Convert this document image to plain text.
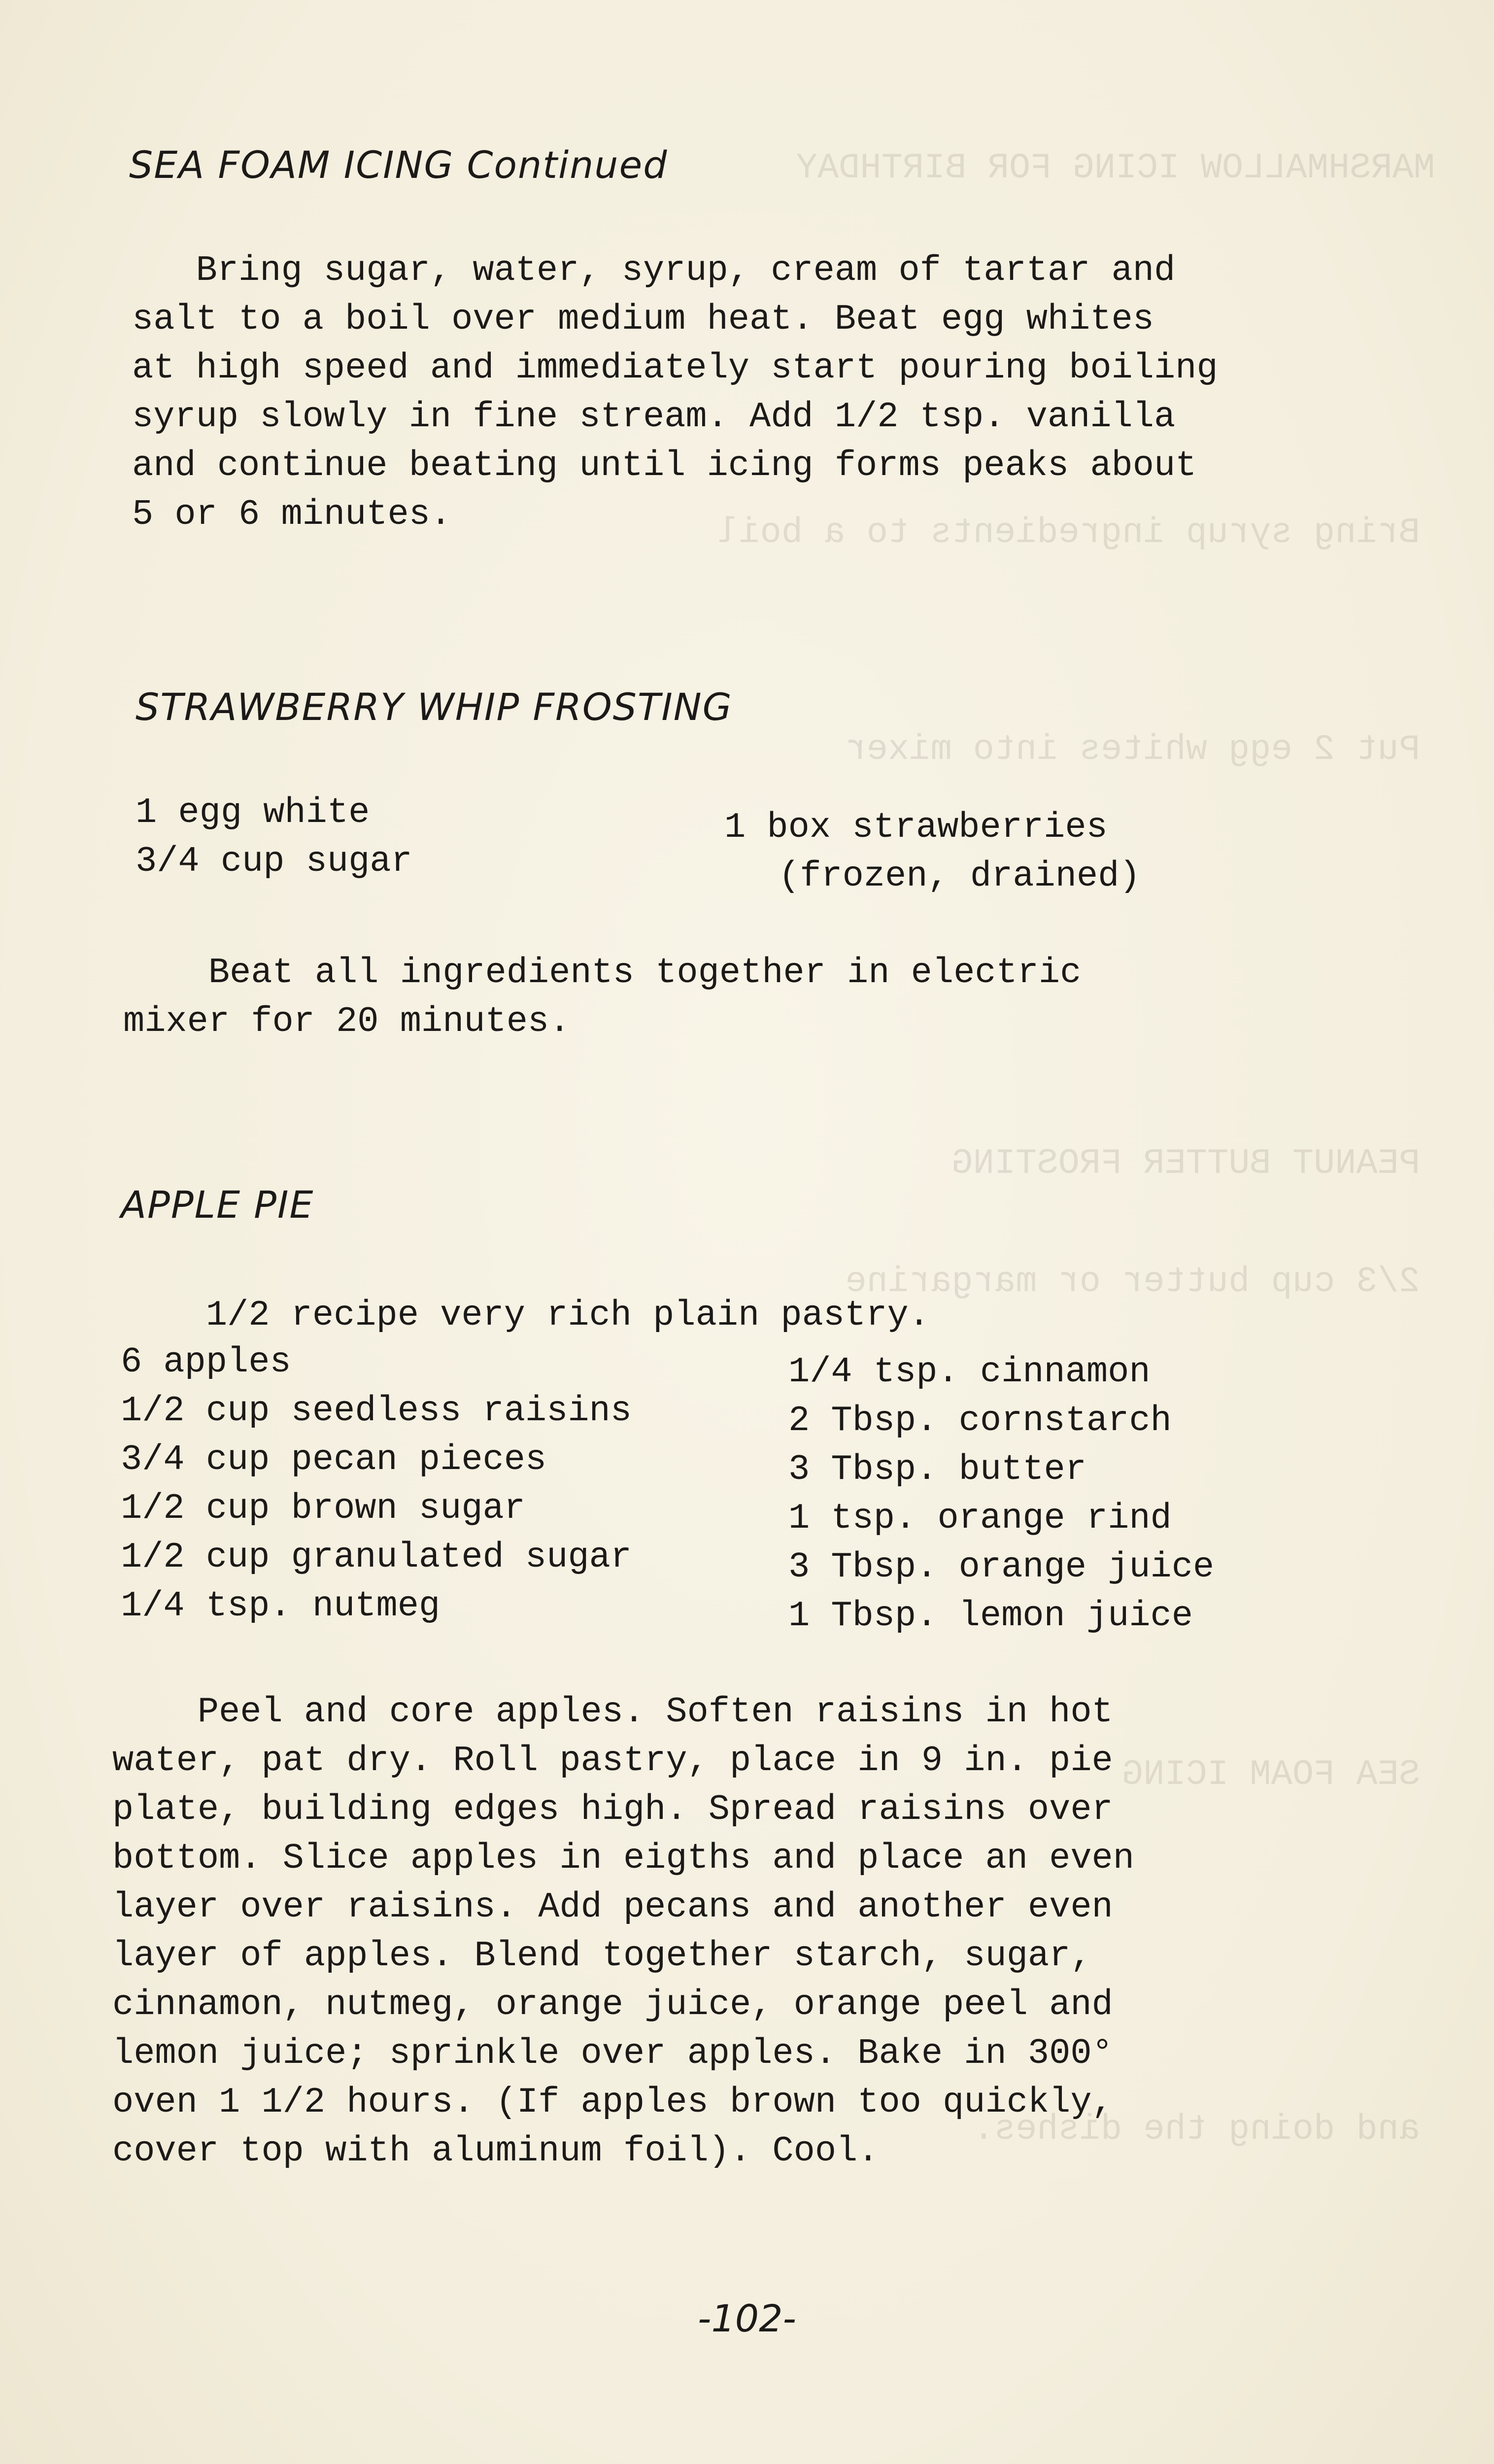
MARSHMALLOW ICING FOR BIRTHDAY
Bring syrup ingredients to a boil
Put 2 egg whites into mixer
PEANUT BUTTER FROSTING
2/3 cup butter or margarine
SEA FOAM ICING
and doing the dishes.
SEA FOAM ICING Continued
Bring sugar, water, syrup, cream of tartar and
salt to a boil over medium heat. Beat egg whites
at high speed and immediately start pouring boiling
syrup slowly in fine stream. Add 1/2 tsp. vanilla
and continue beating until icing forms peaks about
5 or 6 minutes.
STRAWBERRY WHIP FROSTING
1 egg white
3/4 cup sugar
1 box strawberries
(frozen, drained)
Beat all ingredients together in electric
mixer for 20 minutes.
APPLE PIE
1/2 recipe very rich plain pastry.
6 apples
1/2 cup seedless raisins
3/4 cup pecan pieces
1/2 cup brown sugar
1/2 cup granulated sugar
1/4 tsp. nutmeg
1/4 tsp. cinnamon
2 Tbsp. cornstarch
3 Tbsp. butter
1 tsp. orange rind
3 Tbsp. orange juice
1 Tbsp. lemon juice
Peel and core apples. Soften raisins in hot
water, pat dry. Roll pastry, place in 9 in. pie
plate, building edges high. Spread raisins over
bottom. Slice apples in eigths and place an even
layer over raisins. Add pecans and another even
layer of apples. Blend together starch, sugar,
cinnamon, nutmeg, orange juice, orange peel and
lemon juice; sprinkle over apples. Bake in 300°
oven 1 1/2 hours. (If apples brown too quickly,
cover top with aluminum foil). Cool.
-102-
